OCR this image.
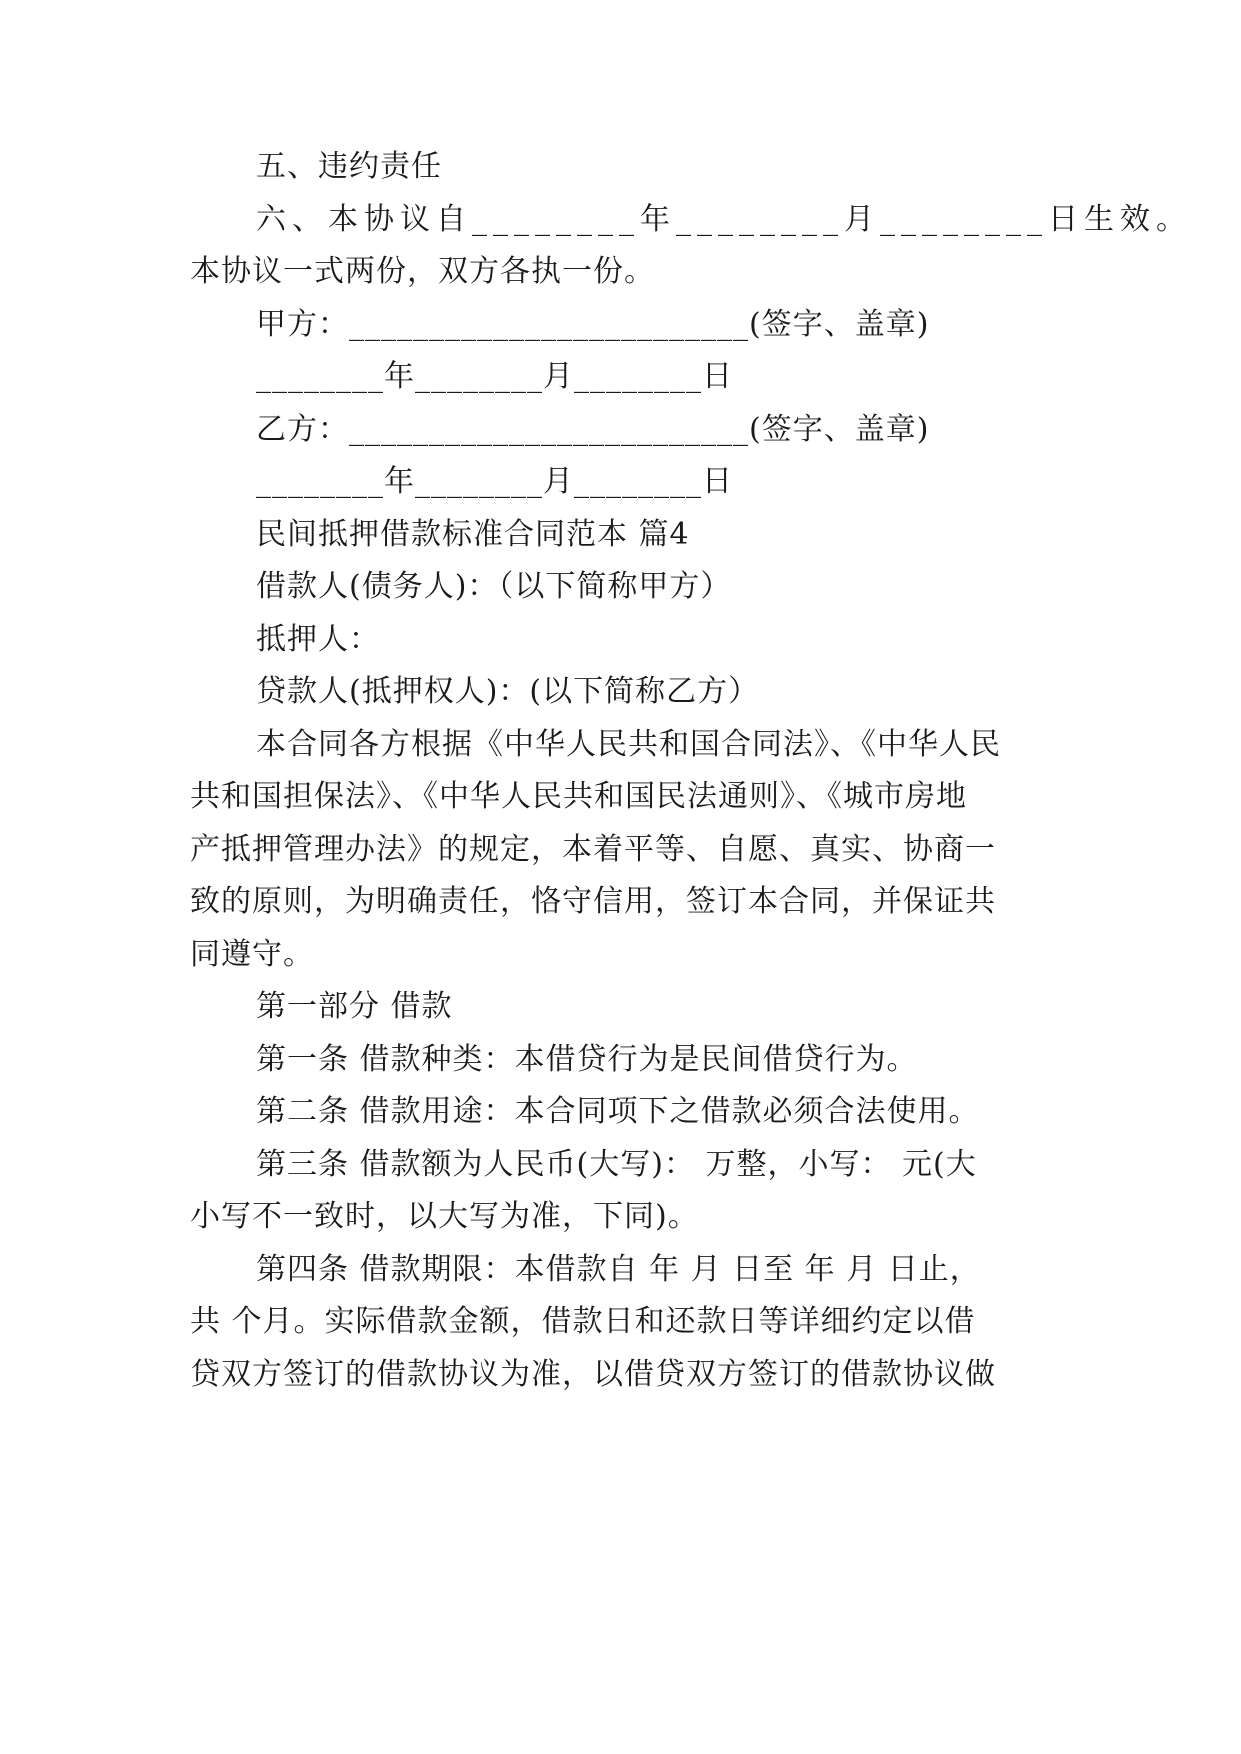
五、违约责任
六、本协议自________年________月________日生效。
本协议一式两份，双方各执一份。
甲方：_________________________(签字、盖章)
________年________月________日
乙方：_________________________(签字、盖章)
________年________月________日
民间抵押借款标准合同范本 篇4
借款人(债务人)：（以下简称甲方）
抵押人：
贷款人(抵押权人)：(以下简称乙方）
本合同各方根据《中华人民共和国合同法》、《中华人民
共和国担保法》、《中华人民共和国民法通则》、《城市房地
产抵押管理办法》的规定，本着平等、自愿、真实、协商一
致的原则，为明确责任，恪守信用，签订本合同，并保证共
同遵守。
第一部分 借款
第一条 借款种类：本借贷行为是民间借贷行为。
第二条 借款用途：本合同项下之借款必须合法使用。
第三条 借款额为人民币(大写)： 万整，小写： 元(大
小写不一致时，以大写为准，下同)。
第四条 借款期限：本借款自 年 月 日至 年 月 日止，
共 个月。实际借款金额，借款日和还款日等详细约定以借
贷双方签订的借款协议为准，以借贷双方签订的借款协议做
